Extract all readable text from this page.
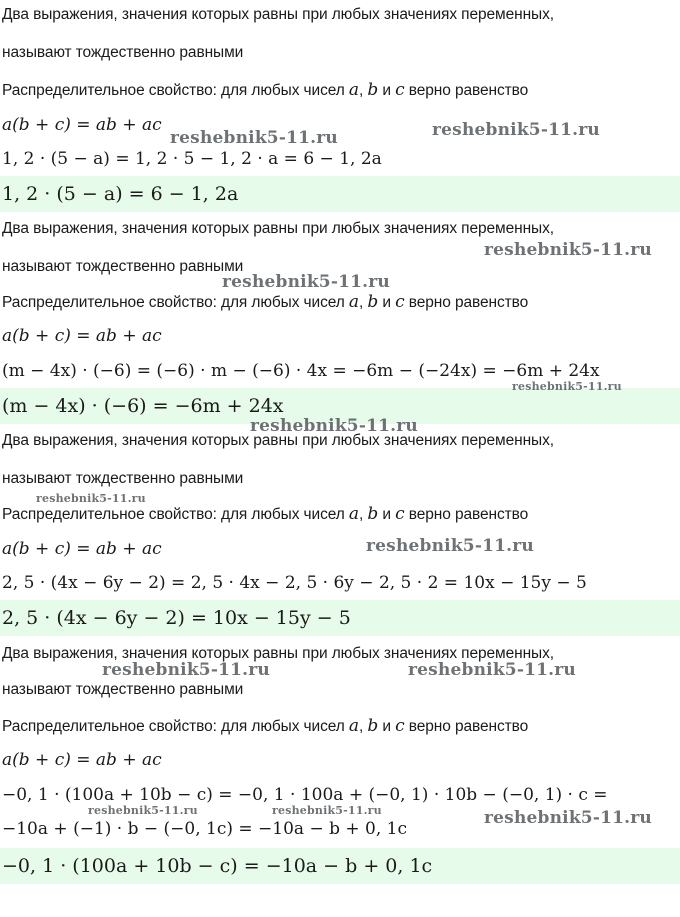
Два выражения, значения которых равны при любых значениях переменных,
называют тождественно равными
Распределительное свойство: для любых чисел a, b и c верно равенство
a(b + c) = ab + ac
1, 2 · (5 − a) = 1, 2 · 5 − 1, 2 · a = 6 − 1, 2a
1, 2 · (5 − a) = 6 − 1, 2a
Два выражения, значения которых равны при любых значениях переменных,
называют тождественно равными
Распределительное свойство: для любых чисел a, b и c верно равенство
a(b + c) = ab + ac
(m − 4x) · (−6) = (−6) · m − (−6) · 4x = −6m − (−24x) = −6m + 24x
(m − 4x) · (−6) = −6m + 24x
Два выражения, значения которых равны при любых значениях переменных,
называют тождественно равными
Распределительное свойство: для любых чисел a, b и c верно равенство
a(b + c) = ab + ac
2, 5 · (4x − 6y − 2) = 2, 5 · 4x − 2, 5 · 6y − 2, 5 · 2 = 10x − 15y − 5
2, 5 · (4x − 6y − 2) = 10x − 15y − 5
Два выражения, значения которых равны при любых значениях переменных,
называют тождественно равными
Распределительное свойство: для любых чисел a, b и c верно равенство
a(b + c) = ab + ac
−0, 1 · (100a + 10b − c) = −0, 1 · 100a + (−0, 1) · 10b − (−0, 1) · c =
−10a + (−1) · b − (−0, 1c) = −10a − b + 0, 1c
−0, 1 · (100a + 10b − c) = −10a − b + 0, 1c
reshebnik5-11.ru	reshebnik5-11.ru
reshebnik5-11.ru
reshebnik5-11.ru
reshebnik5-11.ru
reshebnik5-11.ru
reshebnik5-11.ru
reshebnik5-11.ru
reshebnik5-11.ru	reshebnik5-11.ru
reshebnik5-11.ru	reshebnik5-11.ru	reshebnik5-11.ru
